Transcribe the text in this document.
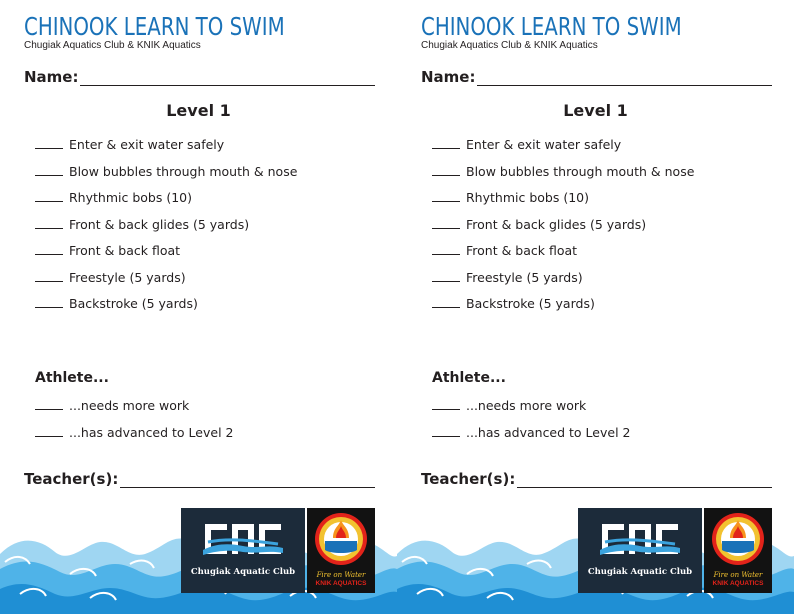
CHINOOK LEARN TO SWIM
Chugiak Aquatics Club & KNIK Aquatics
Name:
Level 1
Enter & exit water safely
Blow bubbles through mouth & nose
Rhythmic bobs (10)
Front & back glides (5 yards)
Front & back float
Freestyle (5 yards)
Backstroke (5 yards)
Athlete...
...needs more work
...has advanced to Level 2
Teacher(s):
Chugiak Aquatic Club	Fire on Water
KNIK AQUATICS
CHINOOK LEARN TO SWIM
Chugiak Aquatics Club & KNIK Aquatics
Name:
Level 1
Enter & exit water safely
Blow bubbles through mouth & nose
Rhythmic bobs (10)
Front & back glides (5 yards)
Front & back float
Freestyle (5 yards)
Backstroke (5 yards)
Athlete...
...needs more work
...has advanced to Level 2
Teacher(s):
Chugiak Aquatic Club	Fire on Water
KNIK AQUATICS
